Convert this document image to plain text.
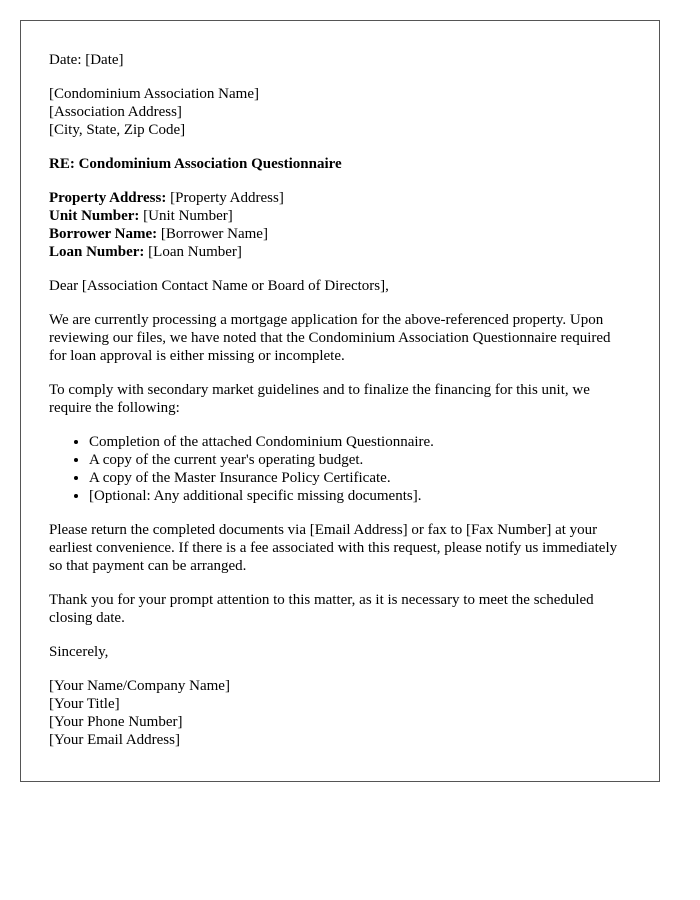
Date: [Date]
[Condominium Association Name]
[Association Address]
[City, State, Zip Code]
RE: Condominium Association Questionnaire
Property Address: [Property Address]
Unit Number: [Unit Number]
Borrower Name: [Borrower Name]
Loan Number: [Loan Number]

Dear [Association Contact Name or Board of Directors],

We are currently processing a mortgage application for the above-referenced property. Upon reviewing our files, we have noted that the Condominium Association Questionnaire required for loan approval is either missing or incomplete.

To comply with secondary market guidelines and to finalize the financing for this unit, we require the following:

• Completion of the attached Condominium Questionnaire.
• A copy of the current year's operating budget.
• A copy of the Master Insurance Policy Certificate.
• [Optional: Any additional specific missing documents].

Please return the completed documents via [Email Address] or fax to [Fax Number] at your earliest convenience. If there is a fee associated with this request, please notify us immediately so that payment can be arranged.

Thank you for your prompt attention to this matter, as it is necessary to meet the scheduled closing date.

Sincerely,

[Your Name/Company Name]
[Your Title]
[Your Phone Number]
[Your Email Address]
